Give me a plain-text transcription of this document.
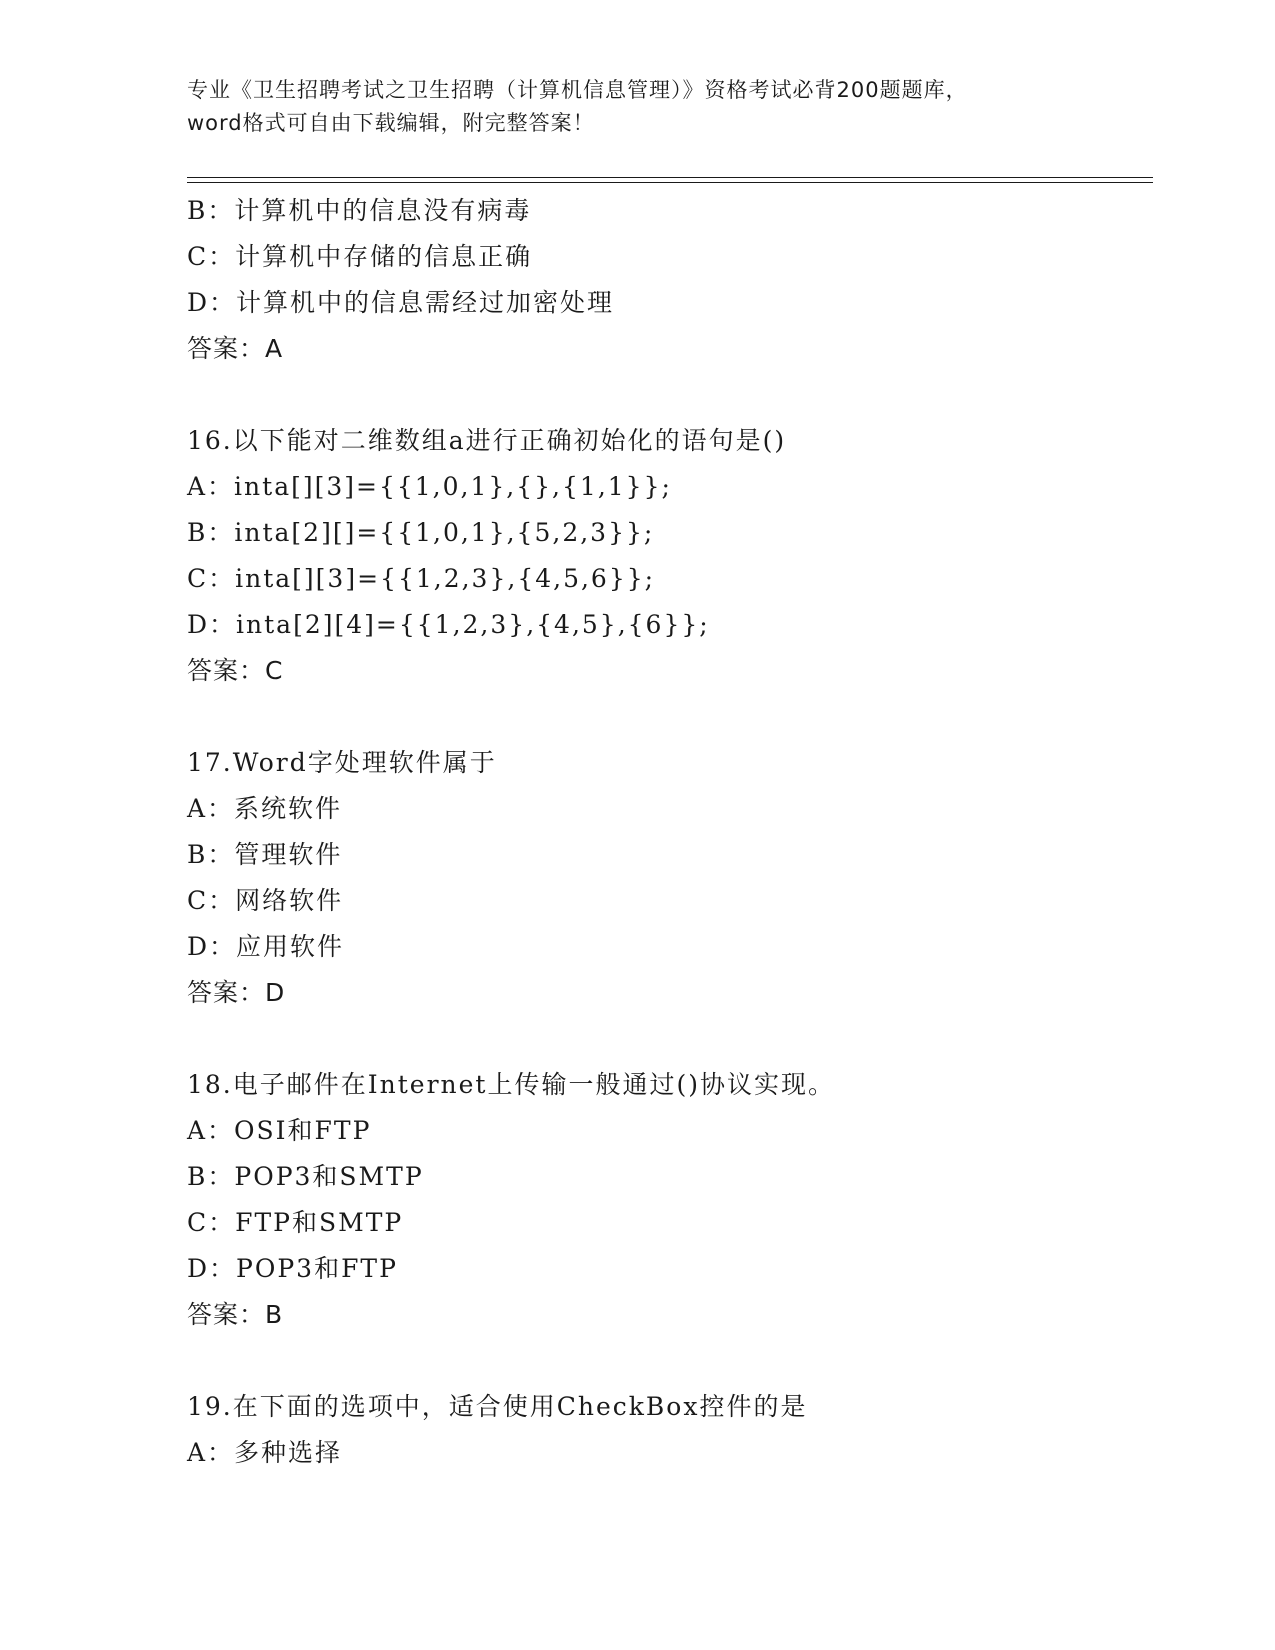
专业《卫生招聘考试之卫生招聘（计算机信息管理）》资格考试必背200题题库，
word格式可自由下载编辑，附完整答案！
B：计算机中的信息没有病毒
C：计算机中存储的信息正确
D：计算机中的信息需经过加密处理
答案：A
16.以下能对二维数组a进行正确初始化的语句是()
A：inta[][3]={{1,0,1},{},{1,1}};
B：inta[2][]={{1,0,1},{5,2,3}};
C：inta[][3]={{1,2,3},{4,5,6}};
D：inta[2][4]={{1,2,3},{4,5},{6}};
答案：C
17.Word字处理软件属于
A：系统软件
B：管理软件
C：网络软件
D：应用软件
答案：D
18.电子邮件在Internet上传输一般通过()协议实现。
A：OSI和FTP
B：POP3和SMTP
C：FTP和SMTP
D：POP3和FTP
答案：B
19.在下面的选项中，适合使用CheckBox控件的是
A：多种选择
